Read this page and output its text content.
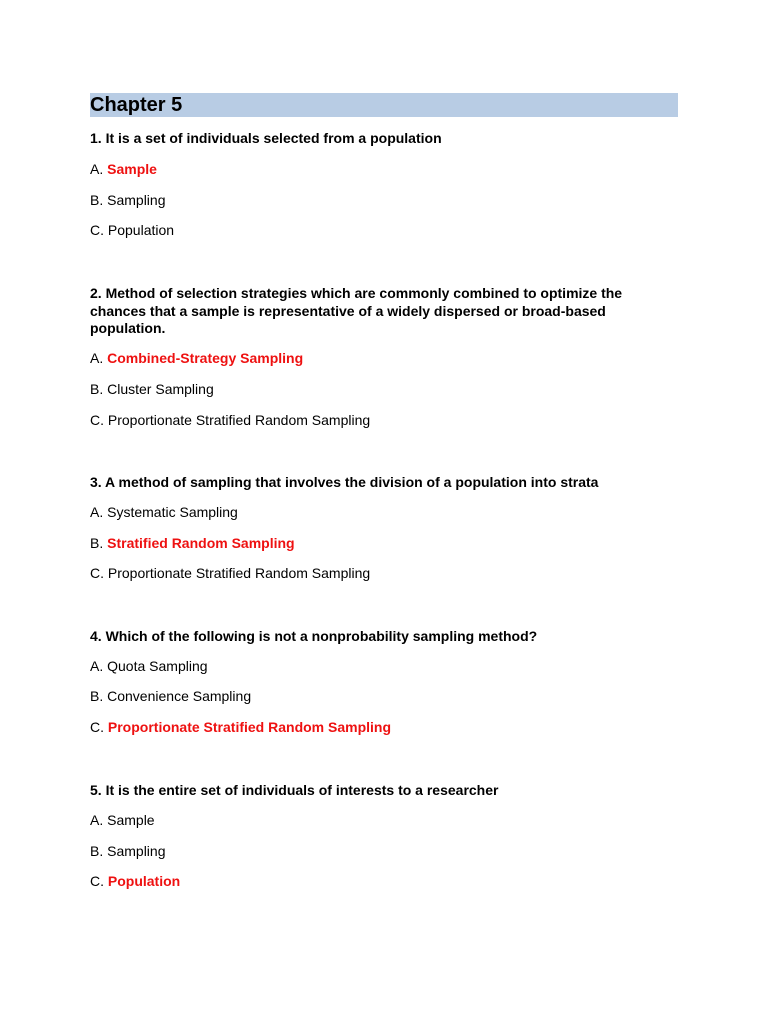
Chapter 5

1. It is a set of individuals selected from a population

A. Sample

B. Sampling

C. Population

2. Method of selection strategies which are commonly combined to optimize the chances that a sample is representative of a widely dispersed or broad-based population.

A. Combined-Strategy Sampling

B. Cluster Sampling

C. Proportionate Stratified Random Sampling

3. A method of sampling that involves the division of a population into strata

A. Systematic Sampling

B. Stratified Random Sampling

C. Proportionate Stratified Random Sampling

4. Which of the following is not a nonprobability sampling method?

A. Quota Sampling

B. Convenience Sampling

C. Proportionate Stratified Random Sampling

5. It is the entire set of individuals of interests to a researcher

A. Sample

B. Sampling

C. Population
